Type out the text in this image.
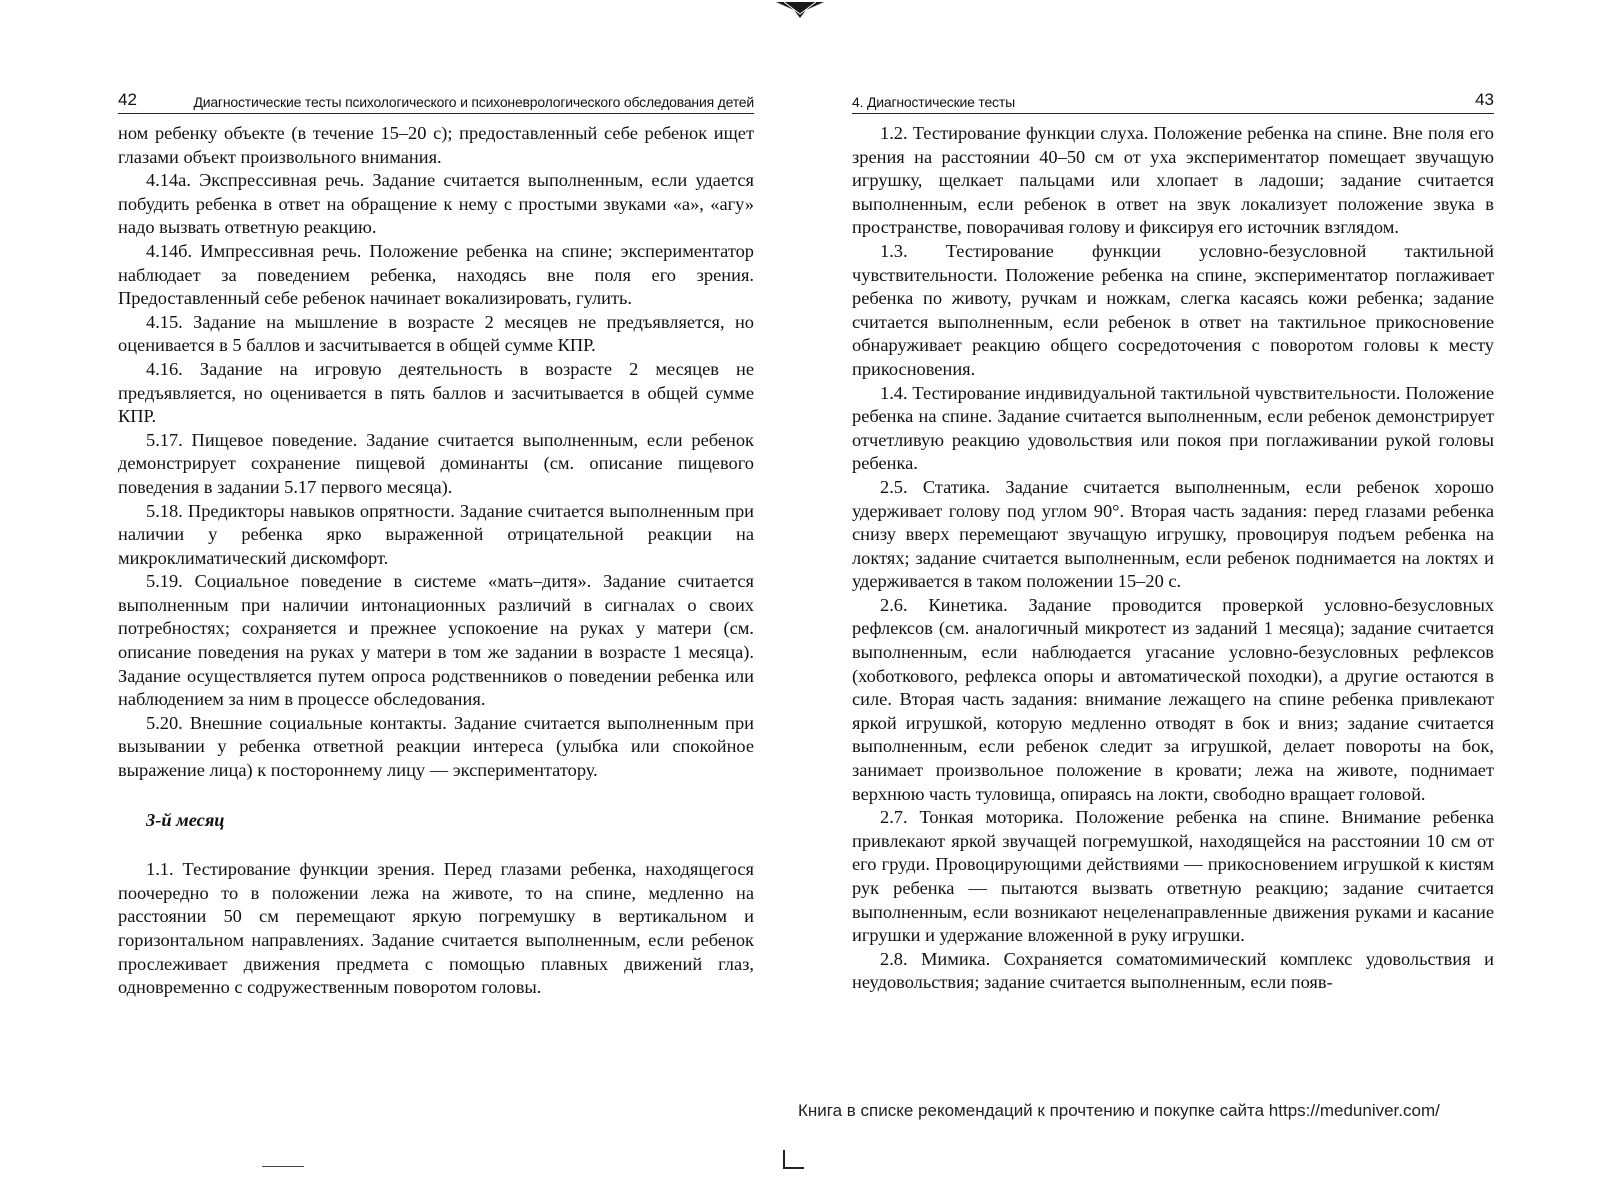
42	Диагностические тесты психологического и психоневрологического обследования детей

ном ребенку объекте (в течение 15–20 с); предоставленный себе ребенок ищет глазами объект произвольного внимания.

4.14а. Экспрессивная речь. Задание считается выполненным, если удается побудить ребенка в ответ на обращение к нему с простыми звуками «а», «агу» надо вызвать ответную реакцию.

4.14б. Импрессивная речь. Положение ребенка на спине; экспериментатор наблюдает за поведением ребенка, находясь вне поля его зрения. Предоставленный себе ребенок начинает вокализировать, гулить.

4.15. Задание на мышление в возрасте 2 месяцев не предъявляется, но оценивается в 5 баллов и засчитывается в общей сумме КПР.

4.16. Задание на игровую деятельность в возрасте 2 месяцев не предъявляется, но оценивается в пять баллов и засчитывается в общей сумме КПР.

5.17. Пищевое поведение. Задание считается выполненным, если ребенок демонстрирует сохранение пищевой доминанты (см. описание пищевого поведения в задании 5.17 первого месяца).

5.18. Предикторы навыков опрятности. Задание считается выполненным при наличии у ребенка ярко выраженной отрицательной реакции на микроклиматический дискомфорт.

5.19. Социальное поведение в системе «мать–дитя». Задание считается выполненным при наличии интонационных различий в сигналах о своих потребностях; сохраняется и прежнее успокоение на руках у матери (см. описание поведения на руках у матери в том же задании в возрасте 1 месяца). Задание осуществляется путем опроса родственников о поведении ребенка или наблюдением за ним в процессе обследования.

5.20. Внешние социальные контакты. Задание считается выполненным при вызывании у ребенка ответной реакции интереса (улыбка или спокойное выражение лица) к постороннему лицу — экспериментатору.

3-й месяц

1.1. Тестирование функции зрения. Перед глазами ребенка, находящегося поочередно то в положении лежа на животе, то на спине, медленно на расстоянии 50 см перемещают яркую погремушку в вертикальном и горизонтальном направлениях. Задание считается выполненным, если ребенок прослеживает движения предмета с помощью плавных движений глаз, одновременно с содружественным поворотом головы.

4. Диагностические тесты	43

1.2. Тестирование функции слуха. Положение ребенка на спине. Вне поля его зрения на расстоянии 40–50 см от уха экспериментатор помещает звучащую игрушку, щелкает пальцами или хлопает в ладоши; задание считается выполненным, если ребенок в ответ на звук локализует положение звука в пространстве, поворачивая голову и фиксируя его источник взглядом.

1.3. Тестирование функции условно-безусловной тактильной чувствительности. Положение ребенка на спине, экспериментатор поглаживает ребенка по животу, ручкам и ножкам, слегка касаясь кожи ребенка; задание считается выполненным, если ребенок в ответ на тактильное прикосновение обнаруживает реакцию общего сосредоточения с поворотом головы к месту прикосновения.

1.4. Тестирование индивидуальной тактильной чувствительности. Положение ребенка на спине. Задание считается выполненным, если ребенок демонстрирует отчетливую реакцию удовольствия или покоя при поглаживании рукой головы ребенка.

2.5. Статика. Задание считается выполненным, если ребенок хорошо удерживает голову под углом 90°. Вторая часть задания: перед глазами ребенка снизу вверх перемещают звучащую игрушку, провоцируя подъем ребенка на локтях; задание считается выполненным, если ребенок поднимается на локтях и удерживается в таком положении 15–20 с.

2.6. Кинетика. Задание проводится проверкой условно-безусловных рефлексов (см. аналогичный микротест из заданий 1 месяца); задание считается выполненным, если наблюдается угасание условно-безусловных рефлексов (хоботкового, рефлекса опоры и автоматической походки), а другие остаются в силе. Вторая часть задания: внимание лежащего на спине ребенка привлекают яркой игрушкой, которую медленно отводят в бок и вниз; задание считается выполненным, если ребенок следит за игрушкой, делает повороты на бок, занимает произвольное положение в кровати; лежа на животе, поднимает верхнюю часть туловища, опираясь на локти, свободно вращает головой.

2.7. Тонкая моторика. Положение ребенка на спине. Внимание ребенка привлекают яркой звучащей погремушкой, находящейся на расстоянии 10 см от его груди. Провоцирующими действиями — прикосновением игрушкой к кистям рук ребенка — пытаются вызвать ответную реакцию; задание считается выполненным, если возникают нецеленаправленные движения руками и касание игрушки и удержание вложенной в руку игрушки.

2.8. Мимика. Сохраняется соматомимический комплекс удовольствия и неудовольствия; задание считается выполненным, если появ-

Книга в списке рекомендаций к прочтению и покупке сайта https://meduniver.com/
